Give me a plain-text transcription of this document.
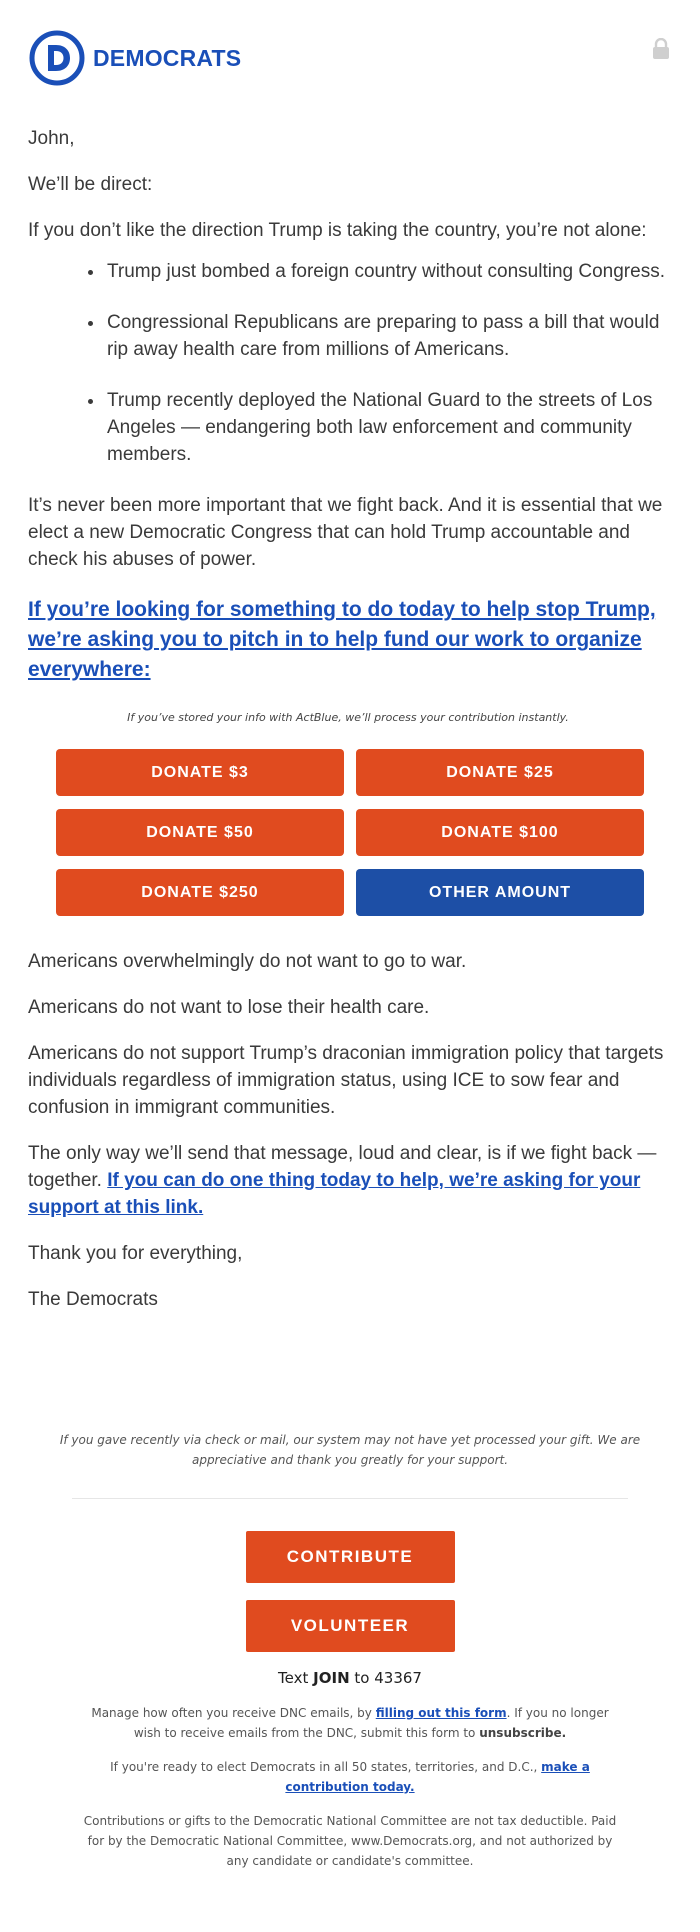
DEMOCRATS

John,

We’ll be direct:

If you don’t like the direction Trump is taking the country, you’re not alone:

• Trump just bombed a foreign country without consulting Congress.
• Congressional Republicans are preparing to pass a bill that would rip away health care from millions of Americans.
• Trump recently deployed the National Guard to the streets of Los Angeles — endangering both law enforcement and community members.

It’s never been more important that we fight back. And it is essential that we elect a new Democratic Congress that can hold Trump accountable and check his abuses of power.

If you’re looking for something to do today to help stop Trump, we’re asking you to pitch in to help fund our work to organize everywhere:

If you’ve stored your info with ActBlue, we’ll process your contribution instantly.
DONATE $3	DONATE $25
DONATE $50	DONATE $100
DONATE $250	OTHER AMOUNT

Americans overwhelmingly do not want to go to war.

Americans do not want to lose their health care.

Americans do not support Trump’s draconian immigration policy that targets individuals regardless of immigration status, using ICE to sow fear and confusion in immigrant communities.

The only way we’ll send that message, loud and clear, is if we fight back — together. If you can do one thing today to help, we’re asking for your support at this link.

Thank you for everything,

The Democrats

If you gave recently via check or mail, our system may not have yet processed your gift. We are appreciative and thank you greatly for your support.
CONTRIBUTE
VOLUNTEER
Text JOIN to 43367
Manage how often you receive DNC emails, by filling out this form. If you no longer wish to receive emails from the DNC, submit this form to unsubscribe.
If you're ready to elect Democrats in all 50 states, territories, and D.C., make a contribution today.
Contributions or gifts to the Democratic National Committee are not tax deductible. Paid for by the Democratic National Committee, www.Democrats.org, and not authorized by any candidate or candidate's committee.
